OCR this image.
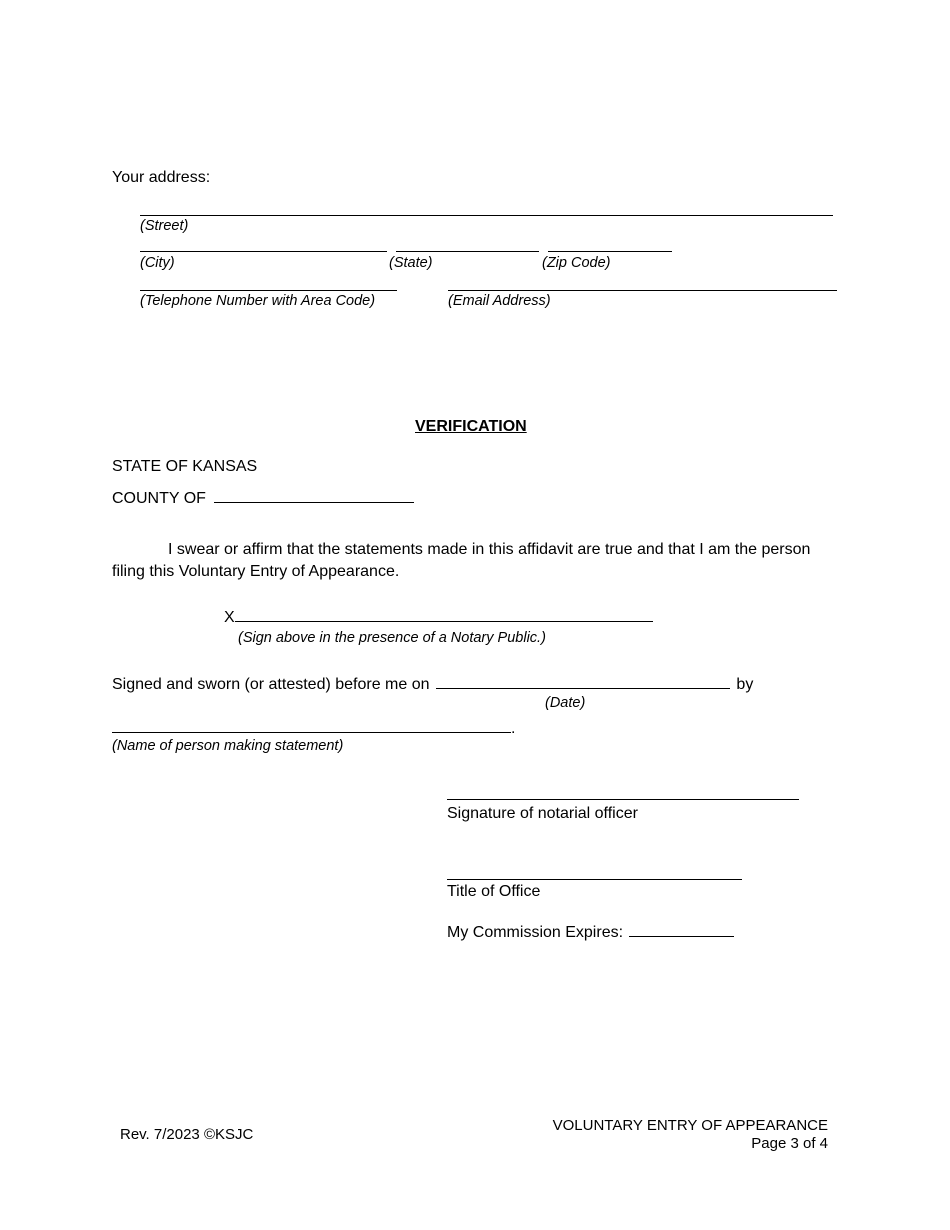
Your address:
(Street)
(City)	(State)	(Zip Code)
(Telephone Number with Area Code)	(Email Address)
VERIFICATION
STATE OF KANSAS
COUNTY OF
I swear or affirm that the statements made in this affidavit are true and that I am the person filing this Voluntary Entry of Appearance.
X
(Sign above in the presence of a Notary Public.)
Signed and sworn (or attested) before me on	by
(Date)
.
(Name of person making statement)
Signature of notarial officer
Title of Office
My Commission Expires:
Rev. 7/2023 ©KSJC
VOLUNTARY ENTRY OF APPEARANCE
Page 3 of 4
